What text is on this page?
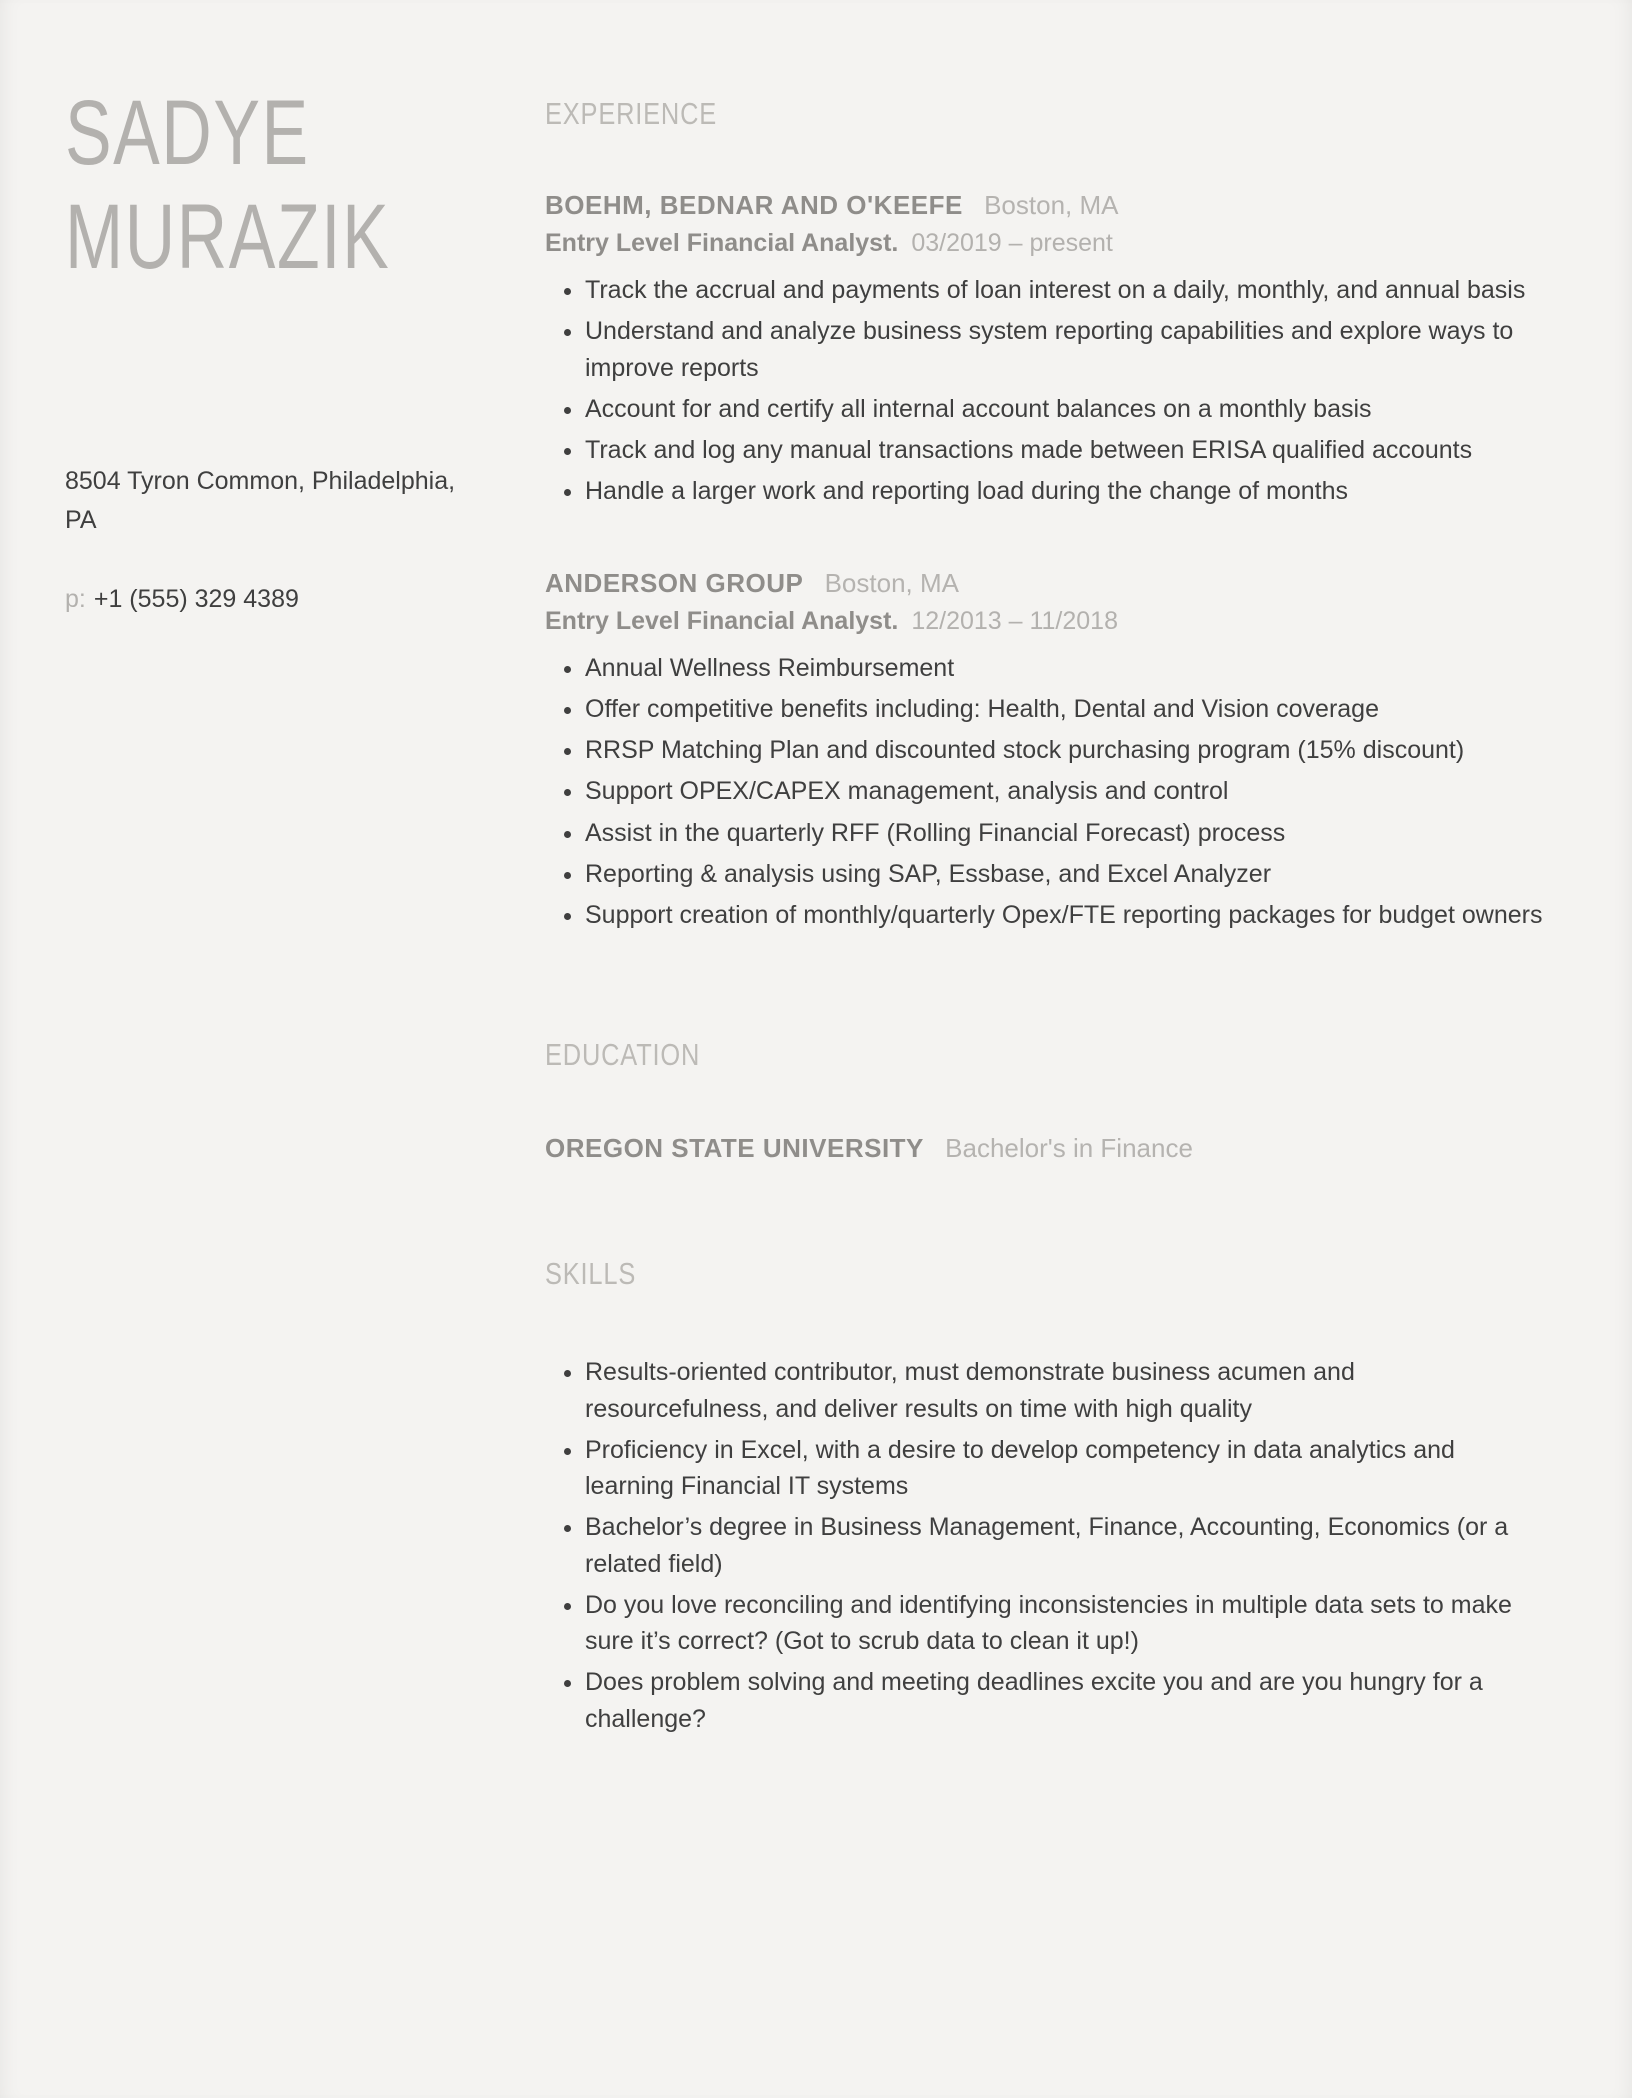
SADYE
MURAZIK
8504 Tyron Common, Philadelphia,
PA
p: +1 (555) 329 4389
EXPERIENCE
BOEHM, BEDNAR AND O'KEEFE Boston, MA
Entry Level Financial Analyst. 03/2019 – present
• Track the accrual and payments of loan interest on a daily, monthly, and annual basis
• Understand and analyze business system reporting capabilities and explore ways to improve reports
• Account for and certify all internal account balances on a monthly basis
• Track and log any manual transactions made between ERISA qualified accounts
• Handle a larger work and reporting load during the change of months
ANDERSON GROUP Boston, MA
Entry Level Financial Analyst. 12/2013 – 11/2018
• Annual Wellness Reimbursement
• Offer competitive benefits including: Health, Dental and Vision coverage
• RRSP Matching Plan and discounted stock purchasing program (15% discount)
• Support OPEX/CAPEX management, analysis and control
• Assist in the quarterly RFF (Rolling Financial Forecast) process
• Reporting & analysis using SAP, Essbase, and Excel Analyzer
• Support creation of monthly/quarterly Opex/FTE reporting packages for budget owners
EDUCATION
OREGON STATE UNIVERSITY Bachelor's in Finance
SKILLS
• Results-oriented contributor, must demonstrate business acumen and resourcefulness, and deliver results on time with high quality
• Proficiency in Excel, with a desire to develop competency in data analytics and learning Financial IT systems
• Bachelor’s degree in Business Management, Finance, Accounting, Economics (or a related field)
• Do you love reconciling and identifying inconsistencies in multiple data sets to make sure it’s correct? (Got to scrub data to clean it up!)
• Does problem solving and meeting deadlines excite you and are you hungry for a challenge?
